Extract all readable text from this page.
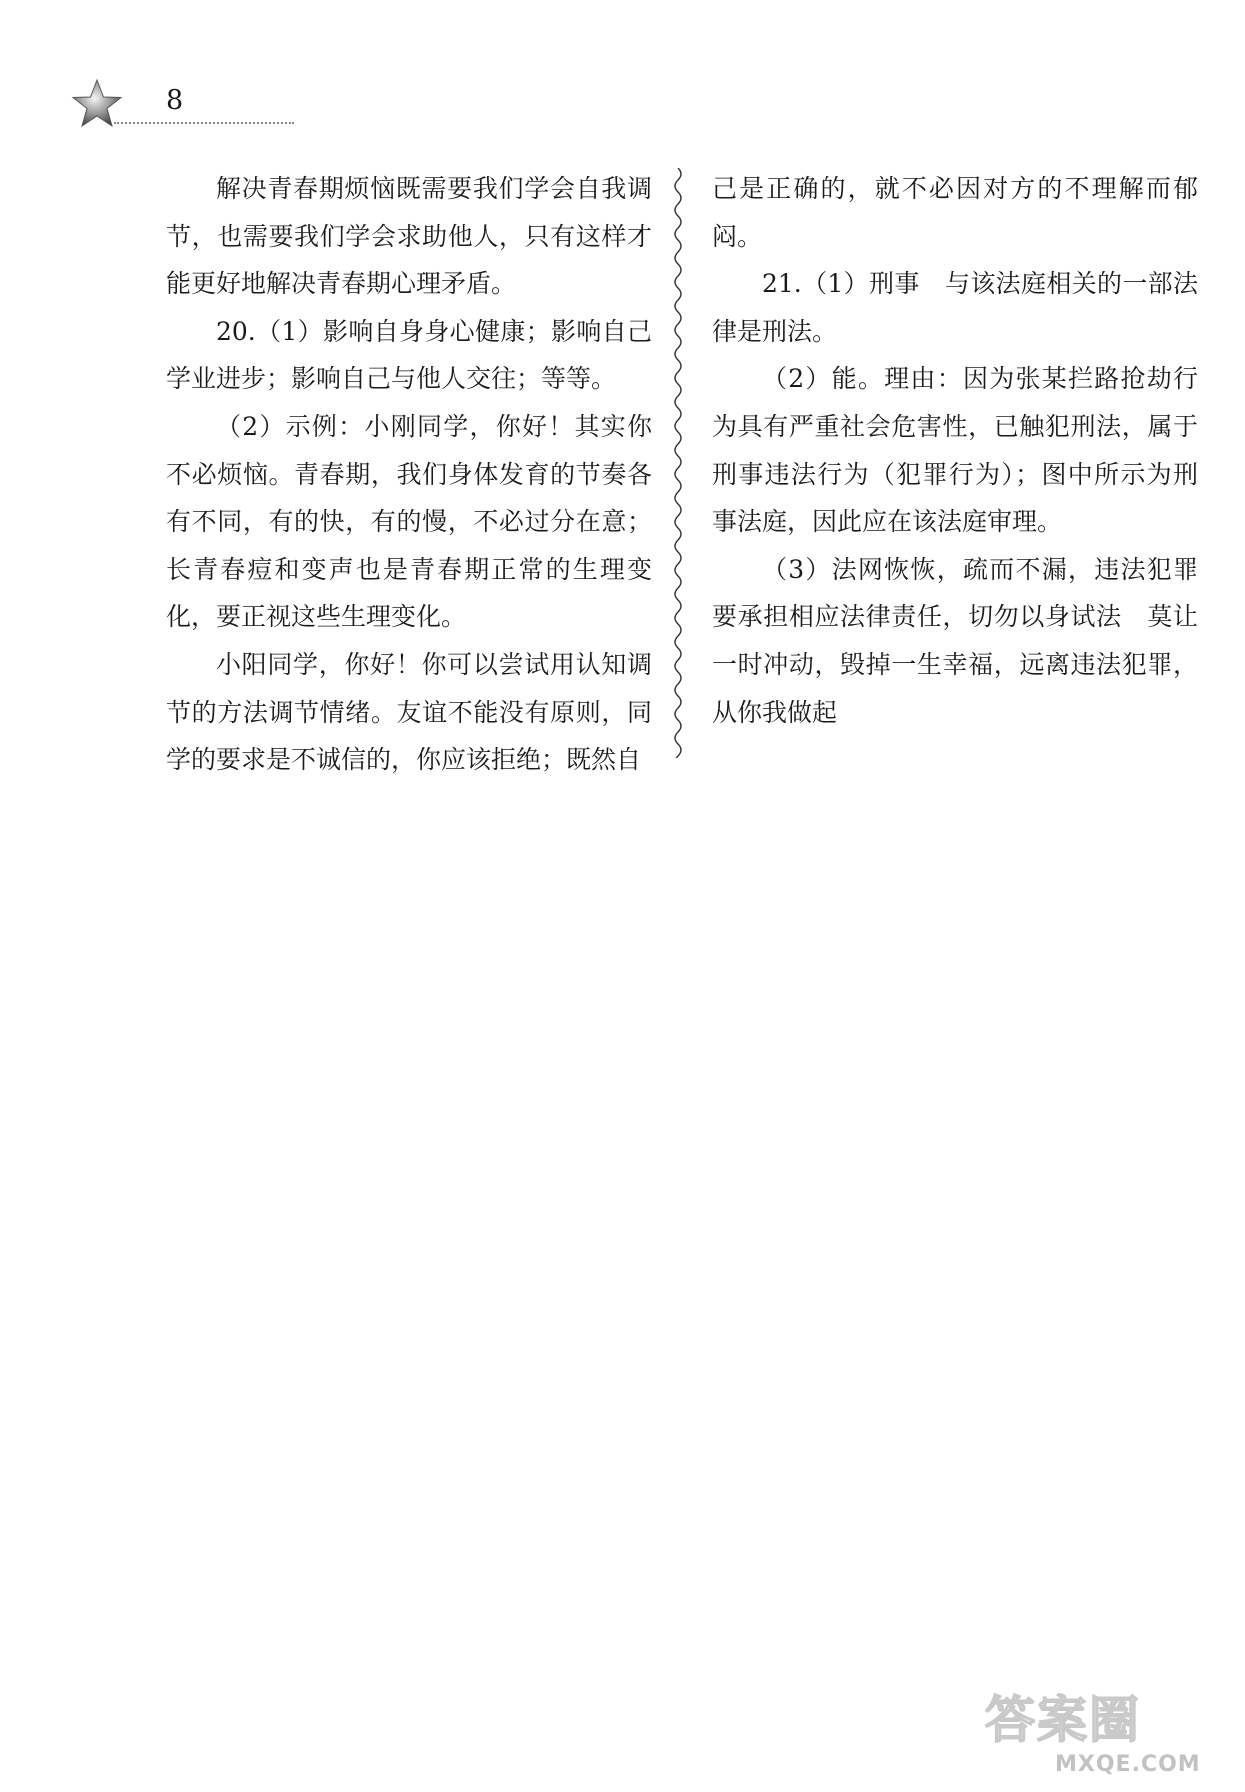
8

解决青春期烦恼既需要我们学会自我调节，也需要我们学会求助他人，只有这样才能更好地解决青春期心理矛盾。

20.（1）影响自身身心健康；影响自己学业进步；影响自己与他人交往；等等。

（2）示例：小刚同学，你好！其实你不必烦恼。青春期，我们身体发育的节奏各有不同，有的快，有的慢，不必过分在意；长青春痘和变声也是青春期正常的生理变化，要正视这些生理变化。

小阳同学，你好！你可以尝试用认知调节的方法调节情绪。友谊不能没有原则，同学的要求是不诚信的，你应该拒绝；既然自

己是正确的，就不必因对方的不理解而郁闷。

21.（1）刑事　与该法庭相关的一部法律是刑法。

（2）能。理由：因为张某拦路抢劫行为具有严重社会危害性，已触犯刑法，属于刑事违法行为（犯罪行为）；图中所示为刑事法庭，因此应在该法庭审理。

（3）法网恢恢，疏而不漏，违法犯罪要承担相应法律责任，切勿以身试法　莫让一时冲动，毁掉一生幸福，远离违法犯罪，从你我做起

答案圈
MXQE.COM
